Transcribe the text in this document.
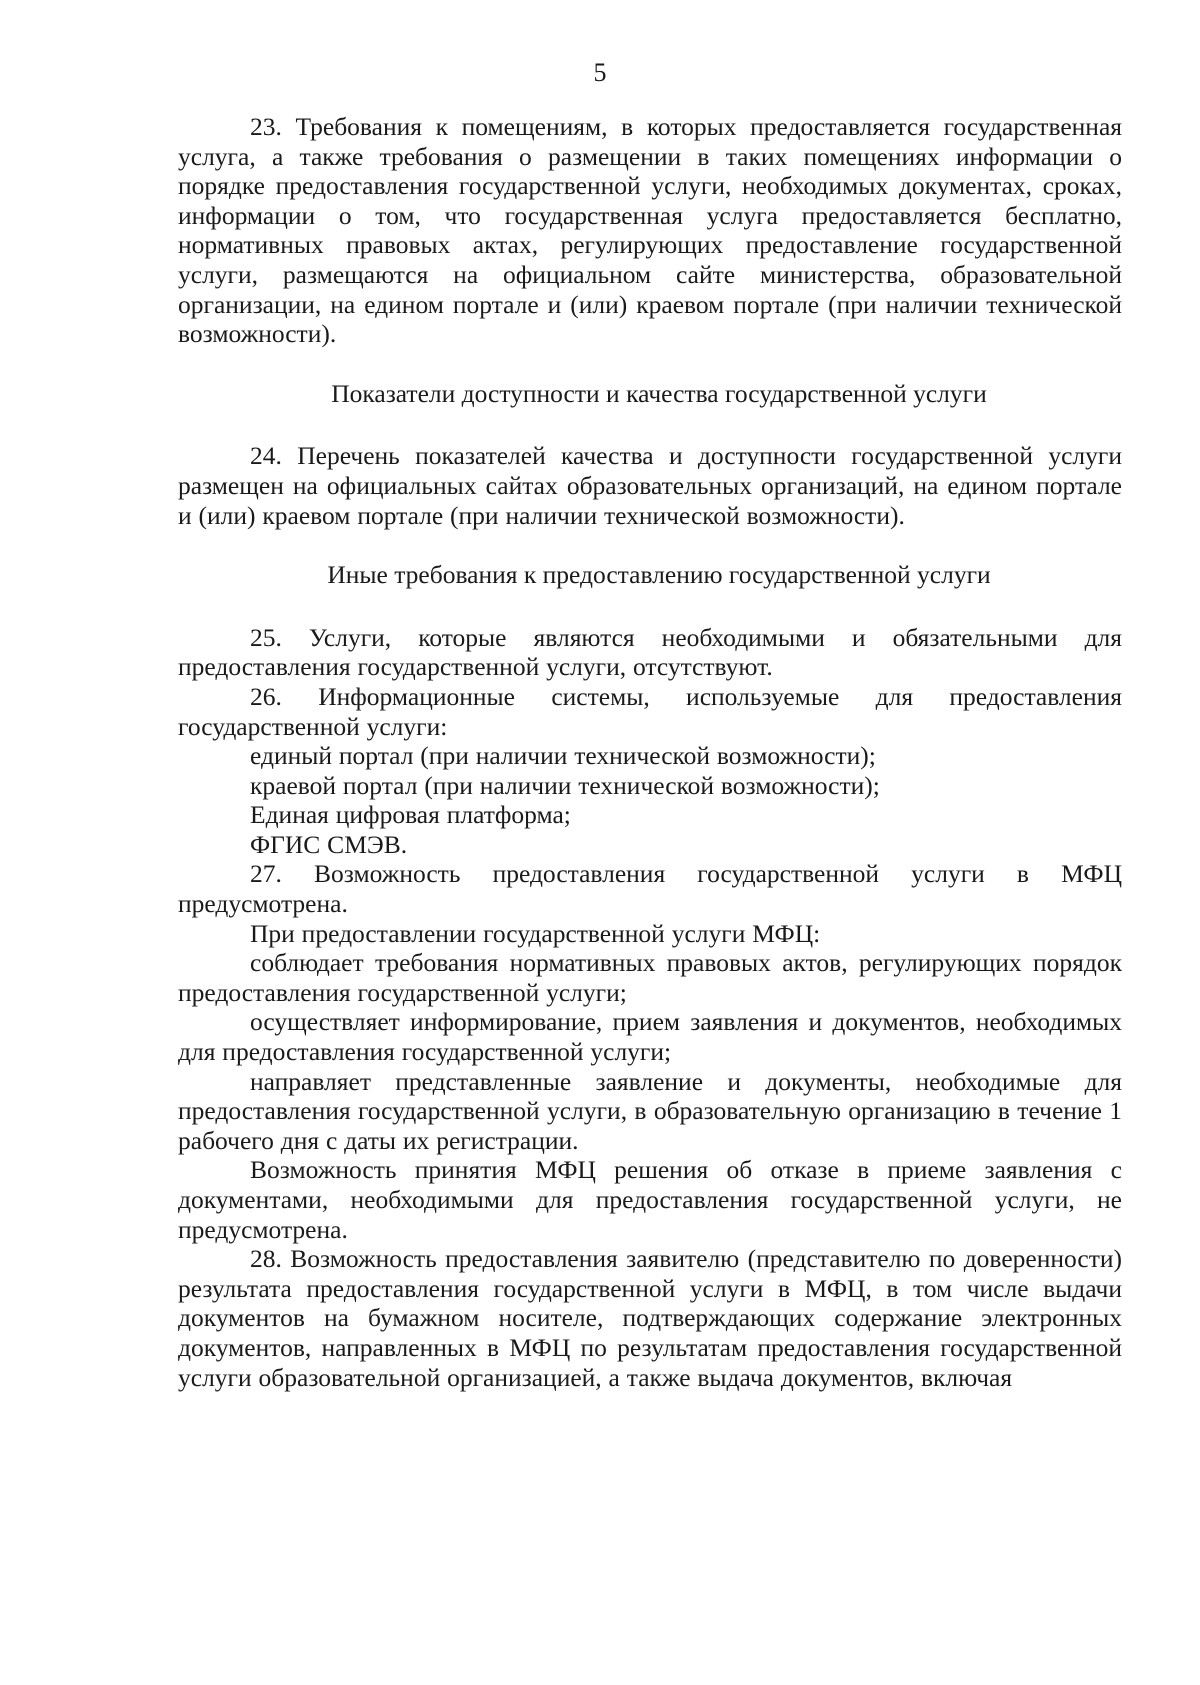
5

23. Требования к помещениям, в которых предоставляется государственная услуга, а также требования о размещении в таких помещениях информации о порядке предоставления государственной услуги, необходимых документах, сроках, информации о том, что государственная услуга предоставляется бесплатно, нормативных правовых актах, регулирующих предоставление государственной услуги, размещаются на официальном сайте министерства, образовательной организации, на едином портале и (или) краевом портале (при наличии технической возможности).

Показатели доступности и качества государственной услуги

24. Перечень показателей качества и доступности государственной услуги размещен на официальных сайтах образовательных организаций, на едином портале и (или) краевом портале (при наличии технической возможности).

Иные требования к предоставлению государственной услуги

25. Услуги, которые являются необходимыми и обязательными для предоставления государственной услуги, отсутствуют.

26. Информационные системы, используемые для предоставления государственной услуги:

единый портал (при наличии технической возможности);

краевой портал (при наличии технической возможности);

Единая цифровая платформа;

ФГИС СМЭВ.

27. Возможность предоставления государственной услуги в МФЦ предусмотрена.

При предоставлении государственной услуги МФЦ:

соблюдает требования нормативных правовых актов, регулирующих порядок предоставления государственной услуги;

осуществляет информирование, прием заявления и документов, необходимых для предоставления государственной услуги;

направляет представленные заявление и документы, необходимые для предоставления государственной услуги, в образовательную организацию в течение 1 рабочего дня с даты их регистрации.

Возможность принятия МФЦ решения об отказе в приеме заявления с документами, необходимыми для предоставления государственной услуги, не предусмотрена.

28. Возможность предоставления заявителю (представителю по доверенности) результата предоставления государственной услуги в МФЦ, в том числе выдачи документов на бумажном носителе, подтверждающих содержание электронных документов, направленных в МФЦ по результатам предоставления государственной услуги образовательной организацией, а также выдача документов, включая
